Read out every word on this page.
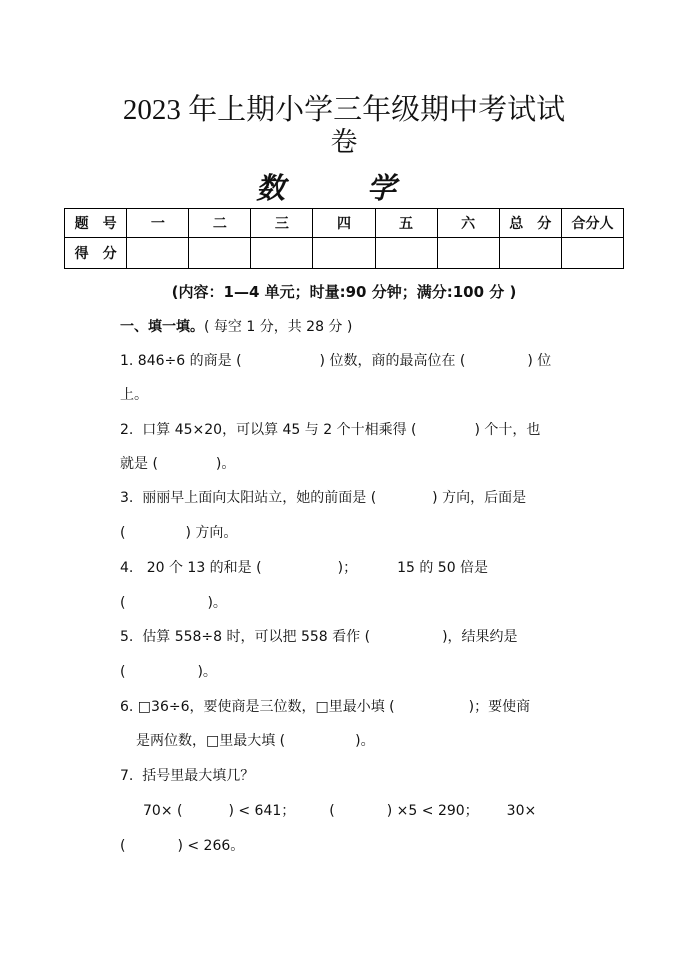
2023 年上期小学三年级期中考试试
卷
数 学
题　号	一	二	三	四	五	六	总　分	合分人
得　分								
(内容：1—4 单元；时量:90 分钟；满分:100 分 )
一、填一填。( 每空 1 分，共 28 分 )
1. 846÷6 的商是 (	) 位数，商的最高位在 (	) 位
上。
2.  口算 45×20，可以算 45 与 2 个十相乘得 (	) 个十，也
就是 (	)。
3.  丽丽早上面向太阳站立，她的前面是 (	) 方向，后面是
(	) 方向。
4.   20 个 13 的和是 (	)；	15 的 50 倍是
(	)。
5.  估算 558÷8 时，可以把 558 看作 (	)，结果约是
(	)。
6. □36÷6，要使商是三位数，□里最小填 (	)；要使商
是两位数，□里最大填 (	)。
7.  括号里最大填几？
70× (	) < 641； (	) ×5 < 290； 30×
(	) < 266。
